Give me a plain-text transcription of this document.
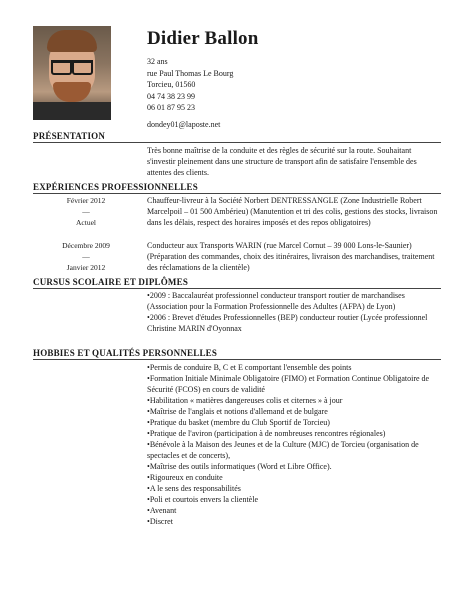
Didier Ballon
32 ans
rue Paul Thomas Le Bourg
Torcieu, 01560
04 74 38 23 99
06 01 87 95 23
dondey01@laposte.net
PRÉSENTATION
Très bonne maîtrise de la conduite et des règles de sécurité sur la route. Souhaitant s'investir pleinement dans une structure de transport afin de satisfaire l'ensemble des attentes des clients.
EXPÉRIENCES PROFESSIONNELLES
Février 2012
—
Actuel
Chauffeur-livreur à la Société Norbert DENTRESSANGLE (Zone Industrielle Robert Marcelpoil – 01 500 Ambérieu) (Manutention et tri des colis, gestions des stocks, livraison dans les délais, respect des horaires imposés et des repos obligatoires)
Décembre 2009
—
Janvier 2012
Conducteur aux Transports WARIN (rue Marcel Cornut – 39 000 Lons-le-Saunier) (Préparation des commandes, choix des itinéraires, livraison des marchandises, traitement des réclamations de la clientèle)
CURSUS SCOLAIRE ET DIPLÔMES
• 2009 : Baccalauréat professionnel conducteur transport routier de marchandises (Association pour la Formation Professionnelle des Adultes (AFPA) de Lyon)
• 2006 : Brevet d'études Professionnelles (BEP) conducteur routier (Lycée professionnel Christine MARIN d'Oyonnax
HOBBIES ET QUALITÉS PERSONNELLES
• Permis de conduire B, C et E comportant l'ensemble des points
• Formation Initiale Minimale Obligatoire (FIMO) et Formation Continue Obligatoire de Sécurité (FCOS) en cours de validité
• Habilitation « matières dangereuses colis et citernes » à jour
• Maîtrise de l'anglais et notions d'allemand et de bulgare
• Pratique du basket (membre du Club Sportif de Torcieu)
• Pratique de l'aviron (participation à de nombreuses rencontres régionales)
• Bénévole à la Maison des Jeunes et de la Culture (MJC) de Torcieu (organisation de spectacles et de concerts),
• Maîtrise des outils informatiques (Word et Libre Office).
• Rigoureux en conduite
• A le sens des responsabilités
• Poli et courtois envers la clientèle
• Avenant
• Discret
